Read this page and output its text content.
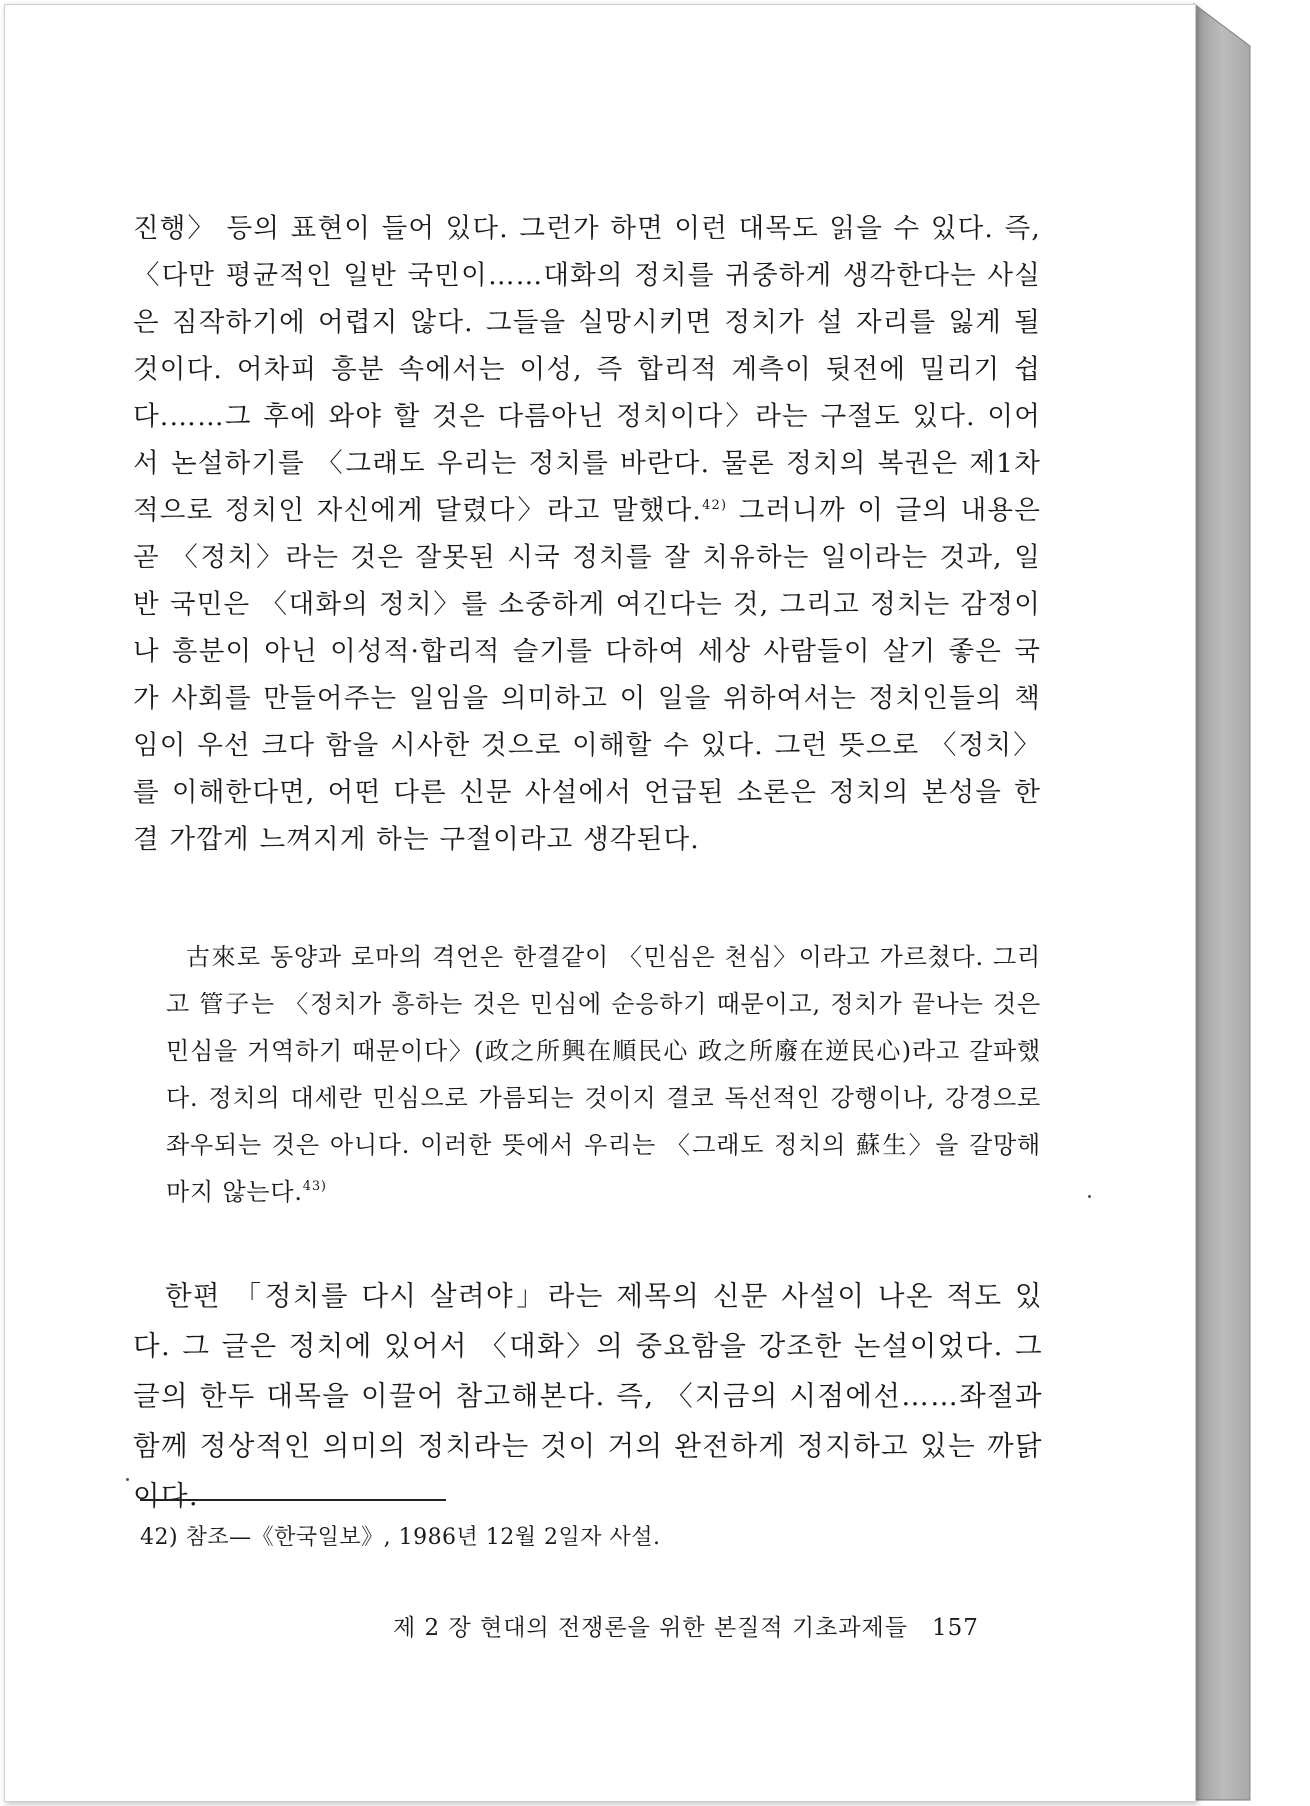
진행〉 등의 표현이 들어 있다. 그런가 하면 이런 대목도 읽을 수 있다. 즉, 〈다만 평균적인 일반 국민이……대화의 정치를 귀중하게 생각한다는 사실은 짐작하기에 어렵지 않다. 그들을 실망시키면 정치가 설 자리를 잃게 될 것이다. 어차피 흥분 속에서는 이성, 즉 합리적 계측이 뒷전에 밀리기 쉽다.……그 후에 와야 할 것은 다름아닌 정치이다〉라는 구절도 있다. 이어서 논설하기를 〈그래도 우리는 정치를 바란다. 물론 정치의 복권은 제1차적으로 정치인 자신에게 달렸다〉라고 말했다.$^{42)}$ 그러니까 이 글의 내용은 곧 〈정치〉라는 것은 잘못된 시국 정치를 잘 치유하는 일이라는 것과, 일반 국민은 〈대화의 정치〉를 소중하게 여긴다는 것, 그리고 정치는 감정이나 흥분이 아닌 이성적·합리적 슬기를 다하여 세상 사람들이 살기 좋은 국가 사회를 만들어주는 일임을 의미하고 이 일을 위하여서는 정치인들의 책임이 우선 크다 함을 시사한 것으로 이해할 수 있다. 그런 뜻으로 〈정치〉를 이해한다면, 어떤 다른 신문 사설에서 언급된 소론은 정치의 본성을 한결 가깝게 느껴지게 하는 구절이라고 생각된다.

古來로 동양과 로마의 격언은 한결같이 〈민심은 천심〉이라고 가르쳤다. 그리고 管子는 〈정치가 흥하는 것은 민심에 순응하기 때문이고, 정치가 끝나는 것은 민심을 거역하기 때문이다〉(政之所興在順民心 政之所廢在逆民心)라고 갈파했다. 정치의 대세란 민심으로 가름되는 것이지 결코 독선적인 강행이나, 강경으로 좌우되는 것은 아니다. 이러한 뜻에서 우리는 〈그래도 정치의 蘇生〉을 갈망해 마지 않는다.$^{43)}$

한편 「정치를 다시 살려야」라는 제목의 신문 사설이 나온 적도 있다. 그 글은 정치에 있어서 〈대화〉의 중요함을 강조한 논설이었다. 그 글의 한두 대목을 이끌어 참고해본다. 즉, 〈지금의 시점에선……좌절과 함께 정상적인 의미의 정치라는 것이 거의 완전하게 정지하고 있는 까닭이다.

42) 참조—《한국일보》, 1986년 12월 2일자 사설.
제 2 장 현대의 전쟁론을 위한 본질적 기초과제들 157
